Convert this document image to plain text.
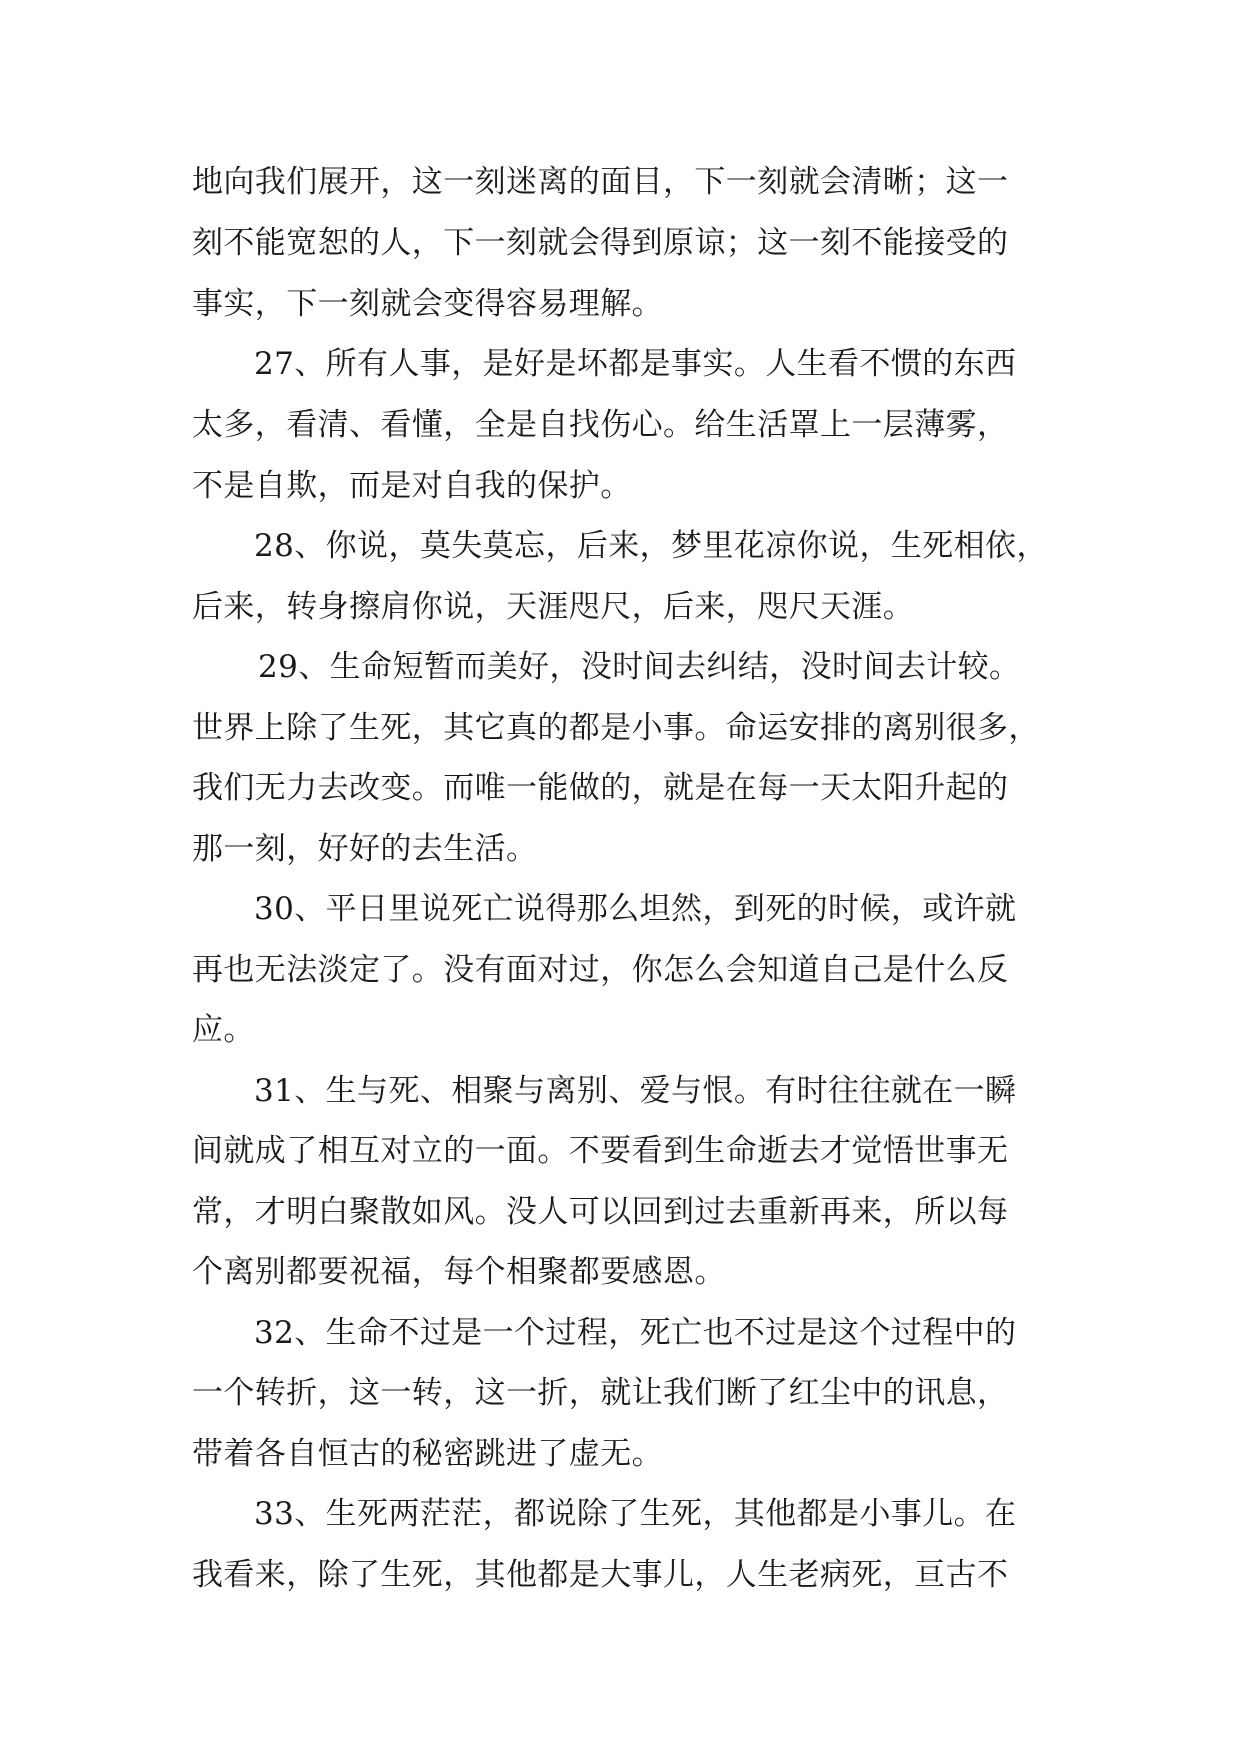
地向我们展开，这一刻迷离的面目，下一刻就会清晰；这一
刻不能宽恕的人，下一刻就会得到原谅；这一刻不能接受的
事实，下一刻就会变得容易理解。
27、所有人事，是好是坏都是事实。人生看不惯的东西
太多，看清、看懂，全是自找伤心。给生活罩上一层薄雾，
不是自欺，而是对自我的保护。
28、你说，莫失莫忘，后来，梦里花凉你说，生死相依，
后来，转身擦肩你说，天涯咫尺，后来，咫尺天涯。
29、生命短暂而美好，没时间去纠结，没时间去计较。
世界上除了生死，其它真的都是小事。命运安排的离别很多，
我们无力去改变。而唯一能做的，就是在每一天太阳升起的
那一刻，好好的去生活。
30、平日里说死亡说得那么坦然，到死的时候，或许就
再也无法淡定了。没有面对过，你怎么会知道自己是什么反
应。
31、生与死、相聚与离别、爱与恨。有时往往就在一瞬
间就成了相互对立的一面。不要看到生命逝去才觉悟世事无
常，才明白聚散如风。没人可以回到过去重新再来，所以每
个离别都要祝福，每个相聚都要感恩。
32、生命不过是一个过程，死亡也不过是这个过程中的
一个转折，这一转，这一折，就让我们断了红尘中的讯息，
带着各自恒古的秘密跳进了虚无。
33、生死两茫茫，都说除了生死，其他都是小事儿。在
我看来，除了生死，其他都是大事儿，人生老病死，亘古不
